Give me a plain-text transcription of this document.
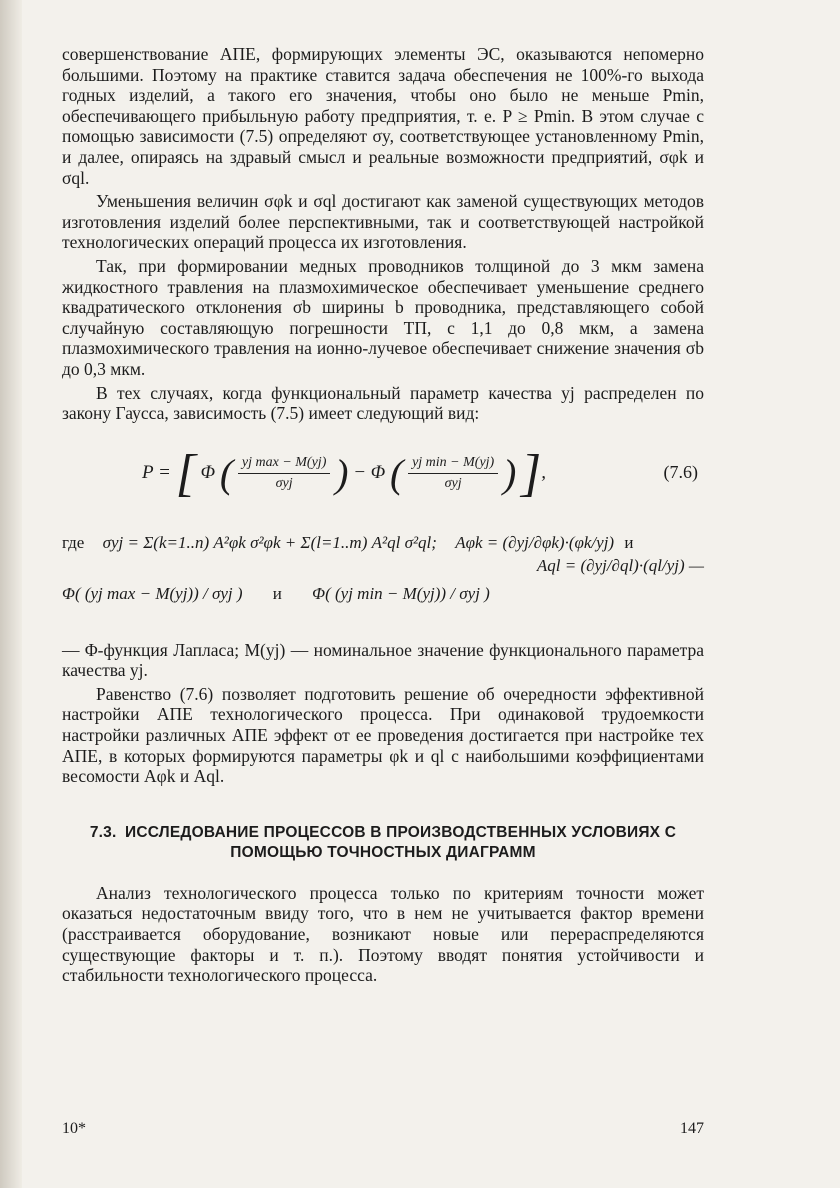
совершенствование АПЕ, формирующих элементы ЭС, оказываются непомерно большими. Поэтому на практике ставится задача обеспечения не 100%-го выхода годных изделий, а такого его значения, чтобы оно было не меньше Pmin, обеспечивающего прибыльную работу предприятия, т. е. P ≥ Pmin. В этом случае с помощью зависимости (7.5) определяют σy, соответствующее установленному Pmin, и далее, опираясь на здравый смысл и реальные возможности предприятий, σφk и σql.

Уменьшения величин σφk и σql достигают как заменой существующих методов изготовления изделий более перспективными, так и соответствующей настройкой технологических операций процесса их изготовления.

Так, при формировании медных проводников толщиной до 3 мкм замена жидкостного травления на плазмохимическое обеспечивает уменьшение среднего квадратического отклонения σb ширины b проводника, представляющего собой случайную составляющую погрешности ТП, с 1,1 до 0,8 мкм, а замена плазмохимического травления на ионно-лучевое обеспечивает снижение значения σb до 0,3 мкм.

В тех случаях, когда функциональный параметр качества yj распределен по закону Гаусса, зависимость (7.5) имеет следующий вид:

P = [ Φ ( $\frac{\text{yj max − M(yj)}}{\text{σyj}}$ ) − Φ ( $\frac{\text{yj min − M(yj)}}{\text{σyj}}$ ) ],	(7.6)
где σyj = Σ(k=1..n) A²φk σ²φk + Σ(l=1..m) A²ql σ²ql; Aφk = (∂yj/∂φk)·(φk/yj) и
Aql = (∂yj/∂ql)·(ql/yj) —
Φ( (yj max − M(yj)) / σyj ) и Φ( (yj min − M(yj)) / σyj )

— Φ-функция Лапласа; M(yj) — номинальное значение функционального параметра качества yj.

Равенство (7.6) позволяет подготовить решение об очередности эффективной настройки АПЕ технологического процесса. При одинаковой трудоемкости настройки различных АПЕ эффект от ее проведения достигается при настройке тех АПЕ, в которых формируются параметры φk и ql с наибольшими коэффициентами весомости Aφk и Aql.

7.3. ИССЛЕДОВАНИЕ ПРОЦЕССОВ В ПРОИЗВОДСТВЕННЫХ УСЛОВИЯХ С ПОМОЩЬЮ ТОЧНОСТНЫХ ДИАГРАММ

Анализ технологического процесса только по критериям точности может оказаться недостаточным ввиду того, что в нем не учитывается фактор времени (расстраивается оборудование, возникают новые или перераспределяются существующие факторы и т. п.). Поэтому вводят понятия устойчивости и стабильности технологического процесса.

10*	147
